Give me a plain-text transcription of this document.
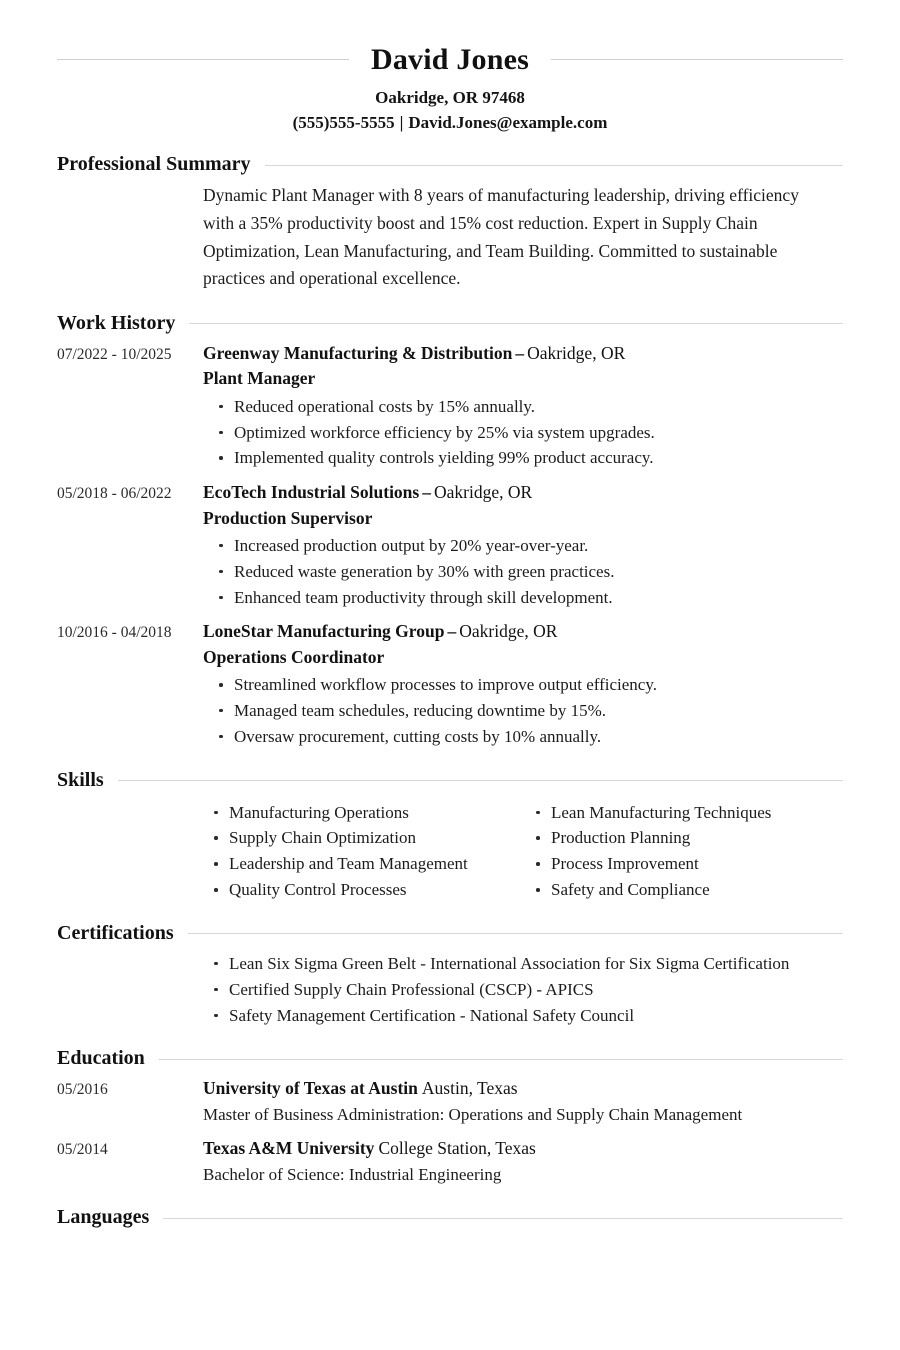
David Jones
Oakridge, OR 97468
(555)555-5555 | David.Jones@example.com
Professional Summary
Dynamic Plant Manager with 8 years of manufacturing leadership, driving efficiency with a 35% productivity boost and 15% cost reduction. Expert in Supply Chain Optimization, Lean Manufacturing, and Team Building. Committed to sustainable practices and operational excellence.
Work History
07/2022 - 10/2025	Greenway Manufacturing & Distribution – Oakridge, OR
Plant Manager
Reduced operational costs by 15% annually.
Optimized workforce efficiency by 25% via system upgrades.
Implemented quality controls yielding 99% product accuracy.
05/2018 - 06/2022	EcoTech Industrial Solutions – Oakridge, OR
Production Supervisor
Increased production output by 20% year-over-year.
Reduced waste generation by 30% with green practices.
Enhanced team productivity through skill development.
10/2016 - 04/2018	LoneStar Manufacturing Group – Oakridge, OR
Operations Coordinator
Streamlined workflow processes to improve output efficiency.
Managed team schedules, reducing downtime by 15%.
Oversaw procurement, cutting costs by 10% annually.
Skills
Manufacturing Operations
Supply Chain Optimization
Leadership and Team Management
Quality Control Processes
Lean Manufacturing Techniques
Production Planning
Process Improvement
Safety and Compliance
Certifications
Lean Six Sigma Green Belt - International Association for Six Sigma Certification
Certified Supply Chain Professional (CSCP) - APICS
Safety Management Certification - National Safety Council
Education
05/2016	University of Texas at Austin Austin, Texas
Master of Business Administration: Operations and Supply Chain Management
05/2014	Texas A&M University College Station, Texas
Bachelor of Science: Industrial Engineering
Languages
